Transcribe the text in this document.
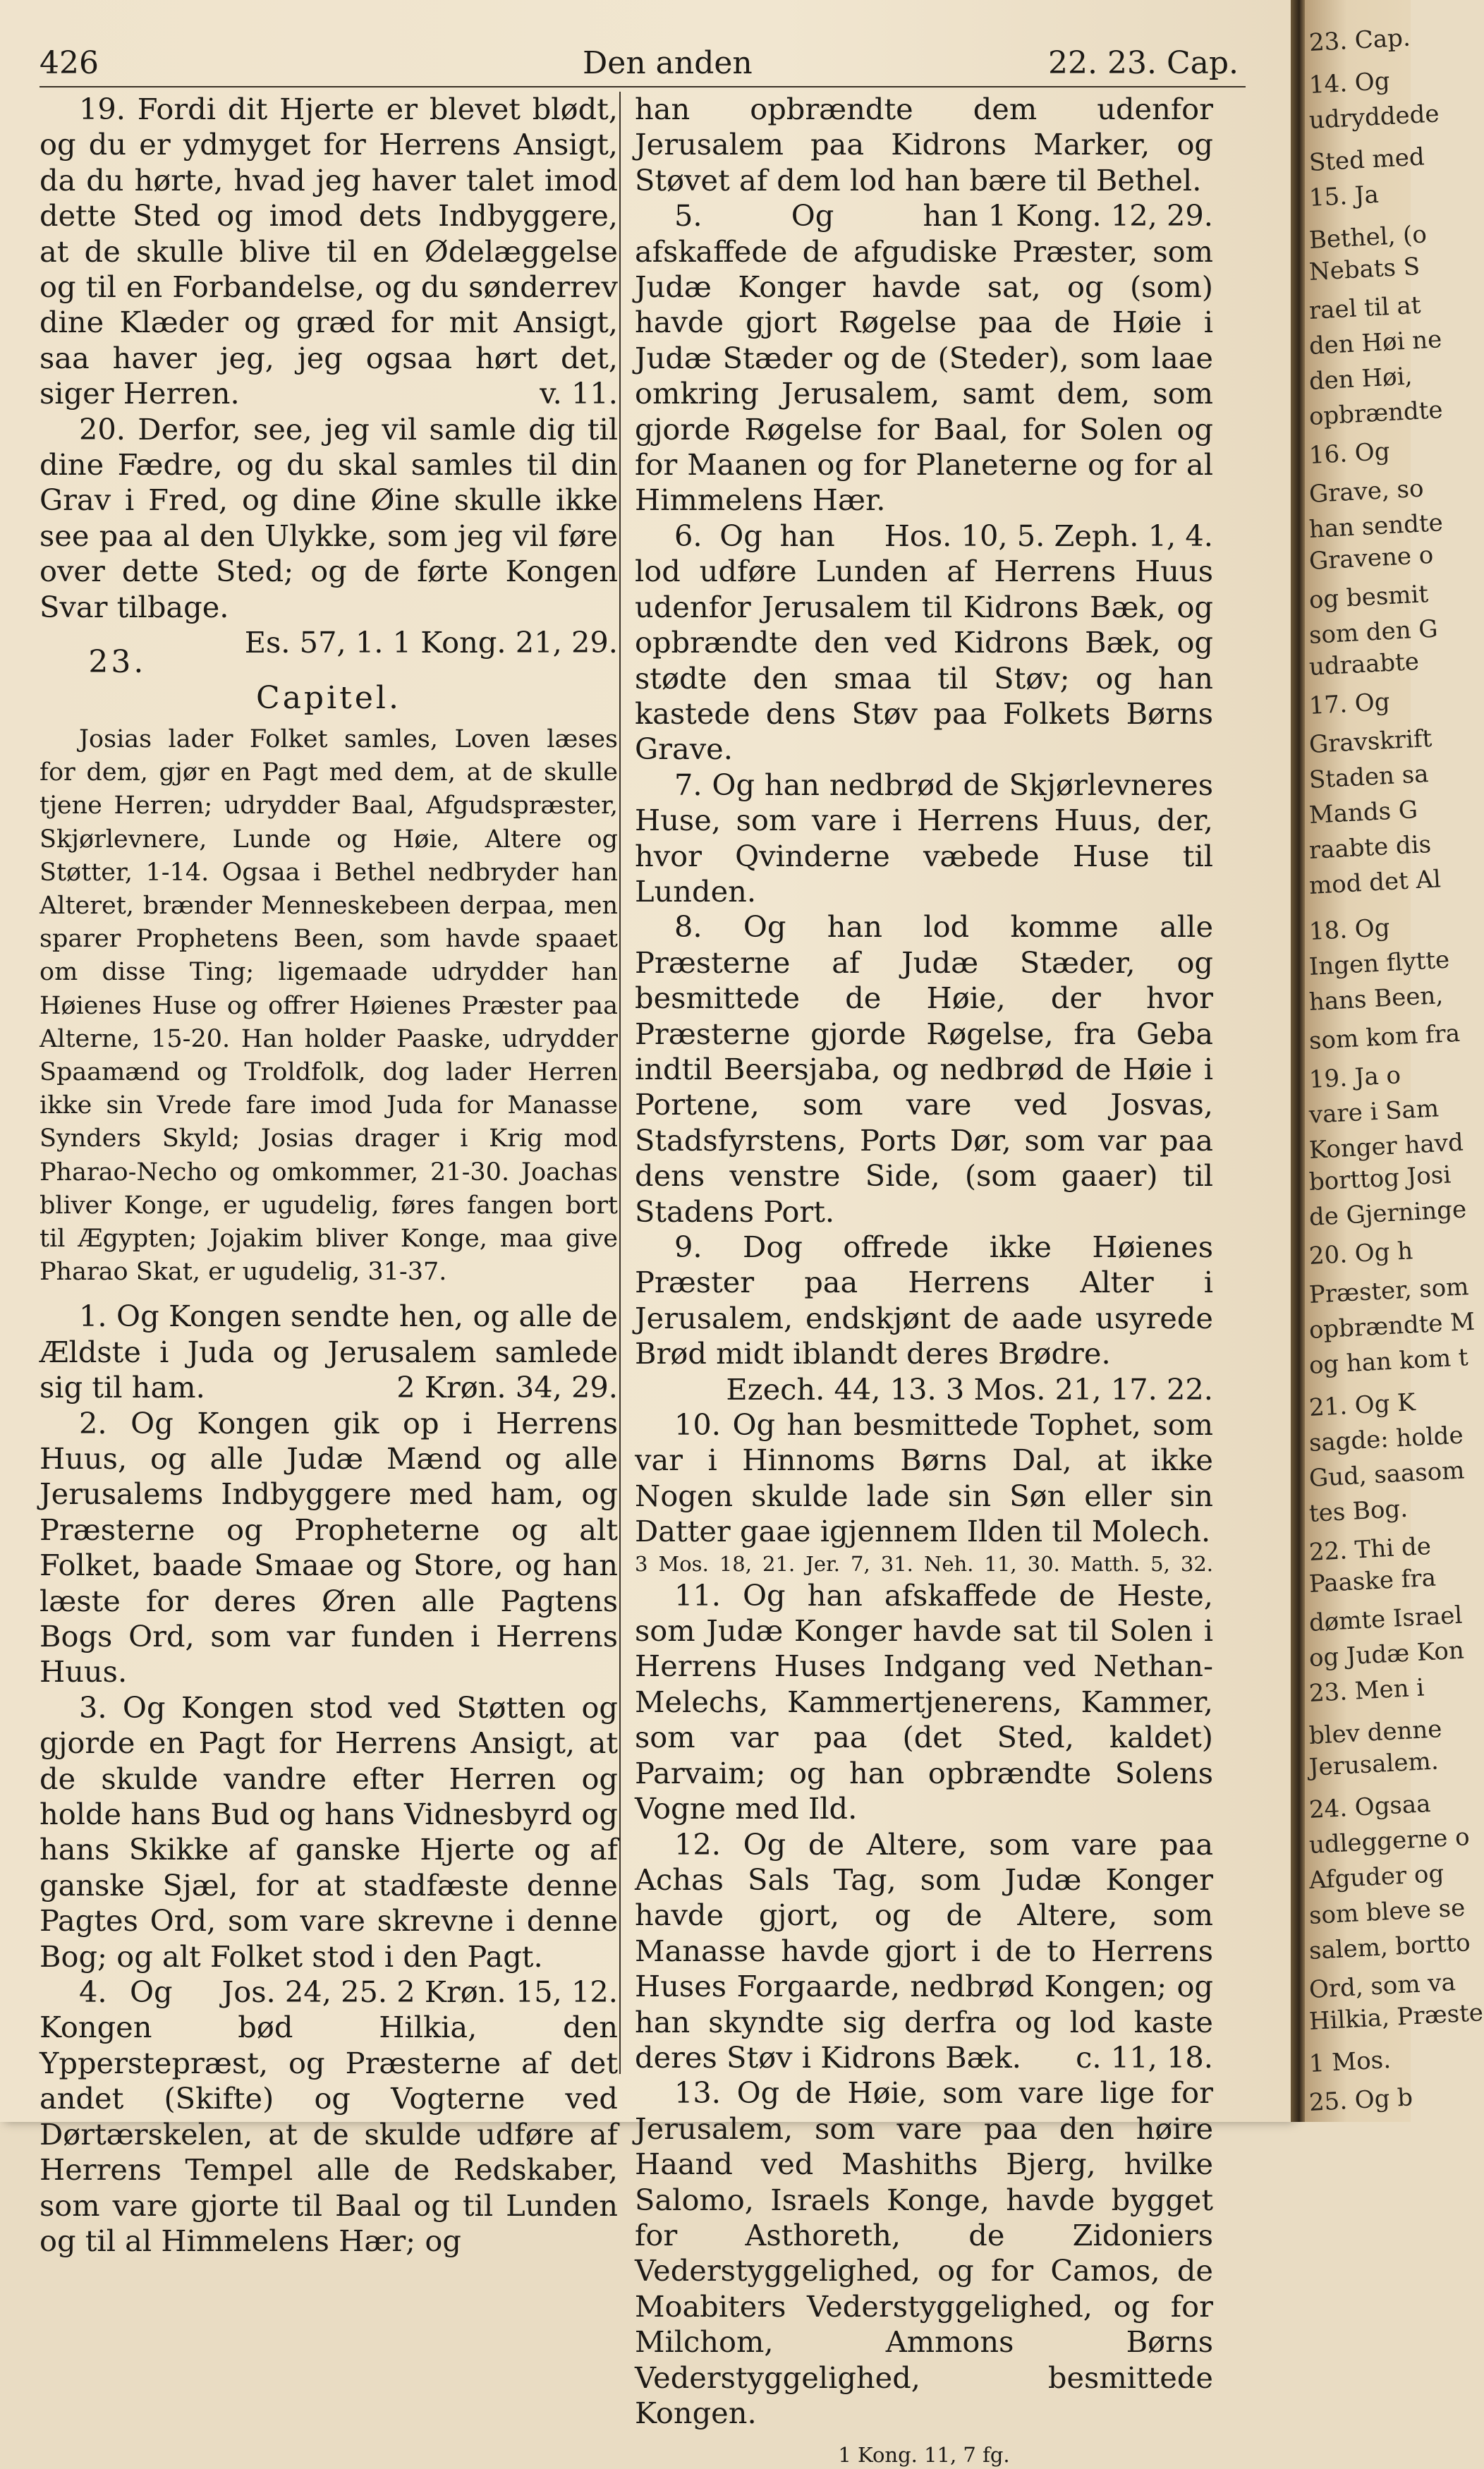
426	Den anden	22. 23. Cap.

19. Fordi dit Hjerte er blevet blødt, og du er ydmyget for Herrens Ansigt, da du hørte, hvad jeg haver talet imod dette Sted og imod dets Indbyggere, at de skulle blive til en Ødelæggelse og til en Forbandelse, og du sønderrev dine Klæder og græd for mit Ansigt, saa haver jeg, jeg ogsaa hørt det, siger Herren.	v. 11.

20. Derfor, see, jeg vil samle dig til dine Fædre, og du skal samles til din Grav i Fred, og dine Øine skulle ikke see paa al den Ulykke, som jeg vil føre over dette Sted; og de førte Kongen Svar tilbage.
Es. 57, 1. 1 Kong. 21, 29.

23. Capitel.

Josias lader Folket samles, Loven læses for dem, gjør en Pagt med dem, at de skulle tjene Herren; udrydder Baal, Afgudspræster, Skjørlevnere, Lunde og Høie, Altere og Støtter, 1-14. Ogsaa i Bethel nedbryder han Alteret, brænder Menneskebeen derpaa, men sparer Prophetens Been, som havde spaaet om disse Ting; ligemaade udrydder han Høienes Huse og offrer Høienes Præster paa Alterne, 15-20. Han holder Paaske, udrydder Spaamænd og Troldfolk, dog lader Herren ikke sin Vrede fare imod Juda for Manasse Synders Skyld; Josias drager i Krig mod Pharao-Necho og omkommer, 21-30. Joachas bliver Konge, er ugudelig, føres fangen bort til Ægypten; Jojakim bliver Konge, maa give Pharao Skat, er ugudelig, 31-37.

1. Og Kongen sendte hen, og alle de Ældste i Juda og Jerusalem samlede sig til ham.	2 Krøn. 34, 29.

2. Og Kongen gik op i Herrens Huus, og alle Judæ Mænd og alle Jerusalems Indbyggere med ham, og Præsterne og Propheterne og alt Folket, baade Smaae og Store, og han læste for deres Øren alle Pagtens Bogs Ord, som var funden i Herrens Huus.

3. Og Kongen stod ved Støtten og gjorde en Pagt for Herrens Ansigt, at de skulde vandre efter Herren og holde hans Bud og hans Vidnesbyrd og hans Skikke af ganske Hjerte og af ganske Sjæl, for at stadfæste denne Pagtes Ord, som vare skrevne i denne Bog; og alt Folket stod i den Pagt.
Jos. 24, 25. 2 Krøn. 15, 12.

4. Og Kongen bød Hilkia, den Ypperstepræst, og Præsterne af det andet (Skifte) og Vogterne ved Dørtærskelen, at de skulde udføre af Herrens Tempel alle de Redskaber, som vare gjorte til Baal og til Lunden og til al Himmelens Hær; og

han opbrændte dem udenfor Jerusalem paa Kidrons Marker, og Støvet af dem lod han bære til Bethel.
1 Kong. 12, 29.

5. Og han afskaffede de afgudiske Præster, som Judæ Konger havde sat, og (som) havde gjort Røgelse paa de Høie i Judæ Stæder og de (Steder), som laae omkring Jerusalem, samt dem, som gjorde Røgelse for Baal, for Solen og for Maanen og for Planeterne og for al Himmelens Hær.
Hos. 10, 5. Zeph. 1, 4.

6. Og han lod udføre Lunden af Herrens Huus udenfor Jerusalem til Kidrons Bæk, og opbrændte den ved Kidrons Bæk, og stødte den smaa til Støv; og han kastede dens Støv paa Folkets Børns Grave.

7. Og han nedbrød de Skjørlevneres Huse, som vare i Herrens Huus, der, hvor Qvinderne væbede Huse til Lunden.

8. Og han lod komme alle Præsterne af Judæ Stæder, og besmittede de Høie, der hvor Præsterne gjorde Røgelse, fra Geba indtil Beersjaba, og nedbrød de Høie i Portene, som vare ved Josvas, Stadsfyrstens, Ports Dør, som var paa dens venstre Side, (som gaaer) til Stadens Port.

9. Dog offrede ikke Høienes Præster paa Herrens Alter i Jerusalem, endskjønt de aade usyrede Brød midt iblandt deres Brødre.
Ezech. 44, 13. 3 Mos. 21, 17. 22.

10. Og han besmittede Tophet, som var i Hinnoms Børns Dal, at ikke Nogen skulde lade sin Søn eller sin Datter gaae igjennem Ilden til Molech.

3 Mos. 18, 21. Jer. 7, 31. Neh. 11, 30. Matth. 5, 32.

11. Og han afskaffede de Heste, som Judæ Konger havde sat til Solen i Herrens Huses Indgang ved Nethan-Melechs, Kammertjenerens, Kammer, som var paa (det Sted, kaldet) Parvaim; og han opbrændte Solens Vogne med Ild.

12. Og de Altere, som vare paa Achas Sals Tag, som Judæ Konger havde gjort, og de Altere, som Manasse havde gjort i de to Herrens Huses Forgaarde, nedbrød Kongen; og han skyndte sig derfra og lod kaste deres Støv i Kidrons Bæk.	c. 11, 18.

13. Og de Høie, som vare lige for Jerusalem, som vare paa den høire Haand ved Mashiths Bjerg, hvilke Salomo, Israels Konge, havde bygget for Asthoreth, de Zidoniers Vederstyggelighed, og for Camos, de Moabiters Vederstyggelighed, og for Milchom, Ammons Børns Vederstyggelighed, besmittede Kongen.

1 Kong. 11, 7 fg.
23. Cap.
14. Og
udryddede
Sted med
15. Ja
Bethel, (o
Nebats S
rael til at
den Høi ne
den Høi,
opbrændte
16. Og
Grave, so
han sendte
Gravene o
og besmit
som den G
udraabte
17. Og
Gravskrift
Staden sa
Mands G
raabte dis
mod det Al
18. Og
Ingen flytte
hans Been,
som kom fra
19. Ja o
vare i Sam
Konger havd
borttog Josi
de Gjerninge
20. Og h
Præster, som
opbrændte M
og han kom t
21. Og K
sagde: holde
Gud, saasom
tes Bog.
22. Thi de
Paaske fra
dømte Israel
og Judæ Kon
23. Men i
blev denne
Jerusalem.
24. Ogsaa
udleggerne o
Afguder og
som bleve se
salem, bortto
Ord, som va
Hilkia, Præste
1 Mos.
25. Og b
